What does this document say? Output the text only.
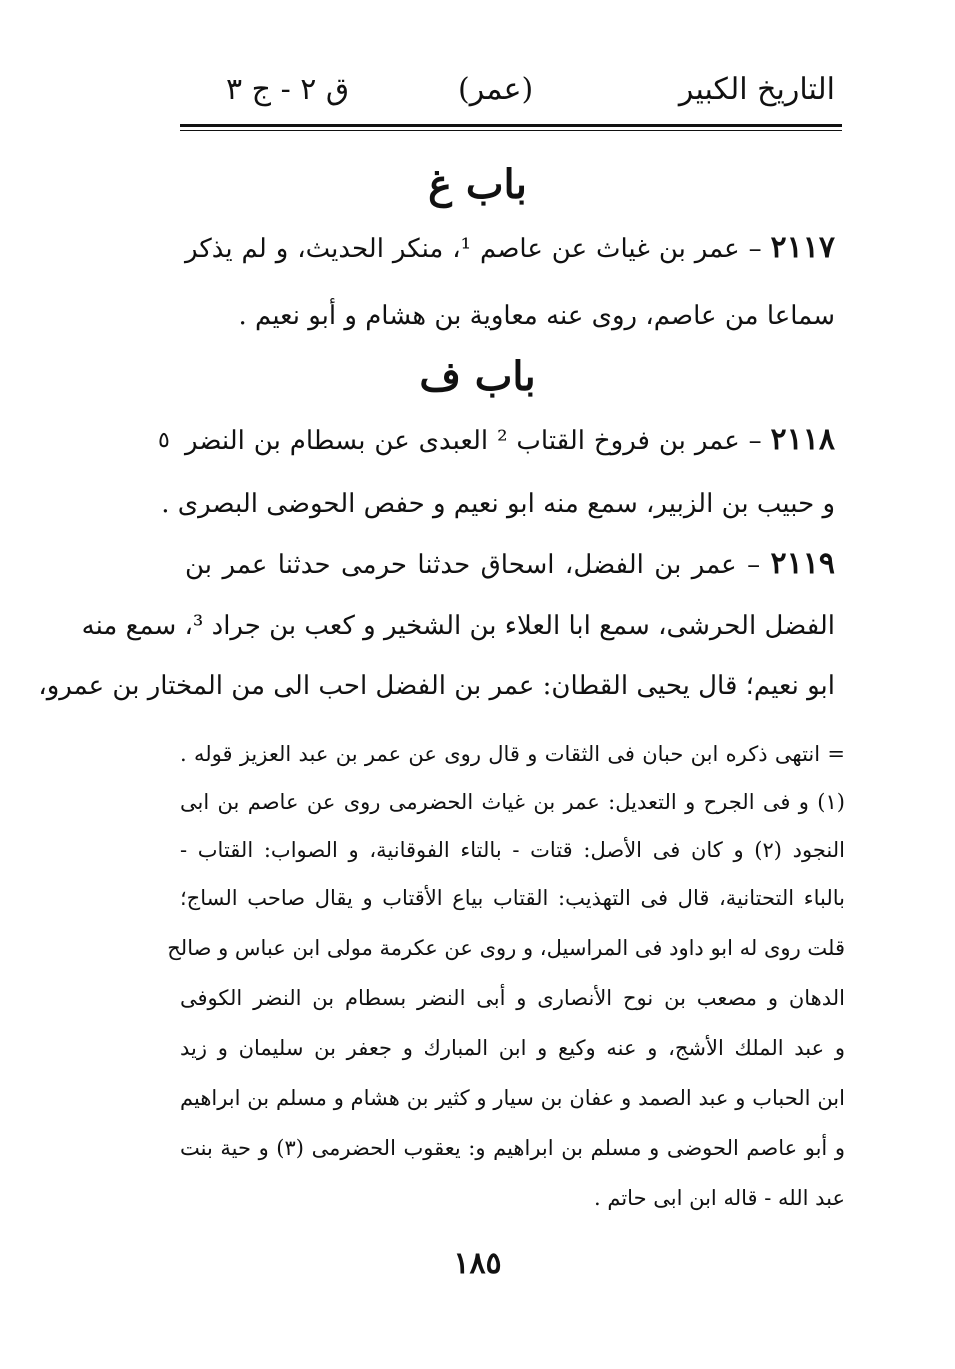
التاريخ الكبير
(عمر)
ق ٢ - ج ٣
باب غ
٢١١٧ – عمر بن غياث عن عاصم ¹، منكر الحديث، و لم يذكر
سماعا من عاصم، روى عنه معاوية بن هشام و أبو نعيم .
باب ف
٢١١٨ – عمر بن فروخ القتاب ² العبدى عن بسطام بن النضر
٥
و حبيب بن الزبير، سمع منه ابو نعيم و حفص الحوضى البصرى .
٢١١٩ – عمر بن الفضل، اسحاق حدثنا حرمى حدثنا عمر بن
الفضل الحرشى، سمع ابا العلاء بن الشخير و كعب بن جراد ³، سمع منه
ابو نعيم؛ قال يحيى القطان: عمر بن الفضل احب الى من المختار بن عمرو،
= انتهى ذكره ابن حبان فى الثقات و قال روى عن عمر بن عبد العزيز قوله .
(١) و فى الجرح و التعديل: عمر بن غياث الحضرمى روى عن عاصم بن ابى
النجود (٢) و كان فى الأصل: قتات - بالتاء الفوقانية، و الصواب: القتاب -
بالباء التحتانية، قال فى التهذيب: القتاب بياع الأقتاب و يقال صاحب الساج؛
قلت روى له ابو داود فى المراسيل، و روى عن عكرمة مولى ابن عباس و صالح
الدهان و مصعب بن نوح الأنصارى و أبى النضر بسطام بن النضر الكوفى
و عبد الملك الأشج، و عنه وكيع و ابن المبارك و جعفر بن سليمان و زيد
ابن الحباب و عبد الصمد و عفان بن سيار و كثير بن هشام و مسلم بن ابراهيم
و أبو عاصم الحوضى و مسلم بن ابراهيم و: يعقوب الحضرمى (٣) و حية بنت
عبد الله - قاله ابن ابى حاتم .
١٨٥
